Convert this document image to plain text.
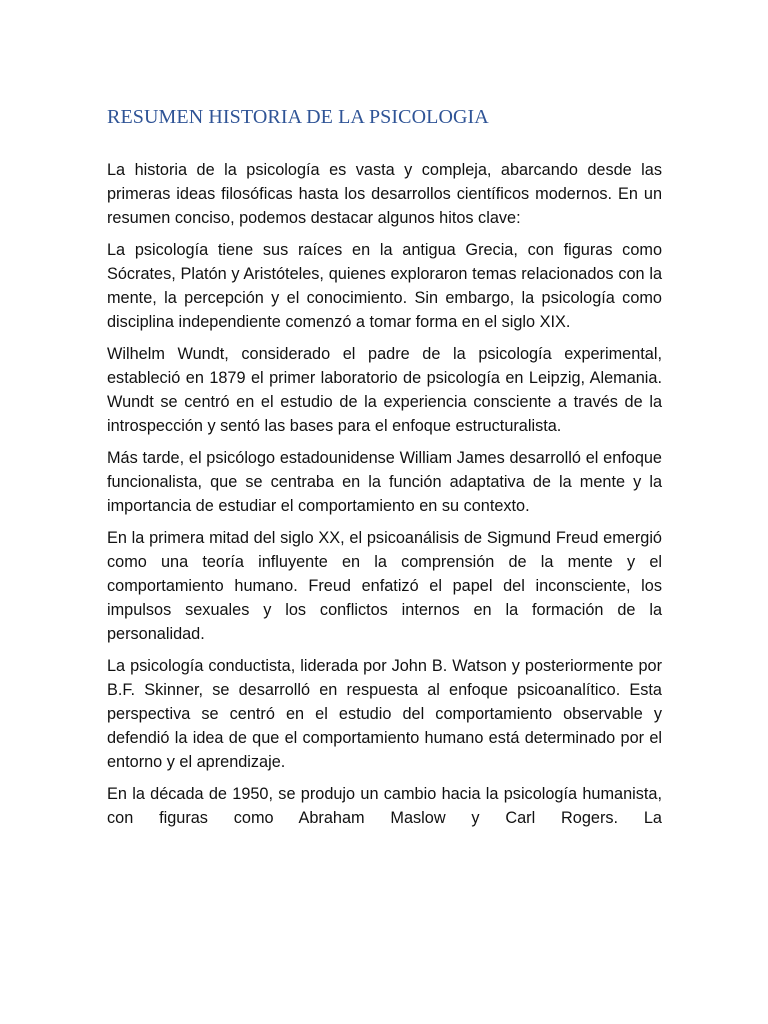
RESUMEN HISTORIA DE LA PSICOLOGIA

La historia de la psicología es vasta y compleja, abarcando desde las primeras ideas filosóficas hasta los desarrollos científicos modernos. En un resumen conciso, podemos destacar algunos hitos clave:

La psicología tiene sus raíces en la antigua Grecia, con figuras como Sócrates, Platón y Aristóteles, quienes exploraron temas relacionados con la mente, la percepción y el conocimiento. Sin embargo, la psicología como disciplina independiente comenzó a tomar forma en el siglo XIX.

Wilhelm Wundt, considerado el padre de la psicología experimental, estableció en 1879 el primer laboratorio de psicología en Leipzig, Alemania. Wundt se centró en el estudio de la experiencia consciente a través de la introspección y sentó las bases para el enfoque estructuralista.

Más tarde, el psicólogo estadounidense William James desarrolló el enfoque funcionalista, que se centraba en la función adaptativa de la mente y la importancia de estudiar el comportamiento en su contexto.

En la primera mitad del siglo XX, el psicoanálisis de Sigmund Freud emergió como una teoría influyente en la comprensión de la mente y el comportamiento humano. Freud enfatizó el papel del inconsciente, los impulsos sexuales y los conflictos internos en la formación de la personalidad.

La psicología conductista, liderada por John B. Watson y posteriormente por B.F. Skinner, se desarrolló en respuesta al enfoque psicoanalítico. Esta perspectiva se centró en el estudio del comportamiento observable y defendió la idea de que el comportamiento humano está determinado por el entorno y el aprendizaje.

En la década de 1950, se produjo un cambio hacia la psicología humanista, con figuras como Abraham Maslow y Carl Rogers. La
